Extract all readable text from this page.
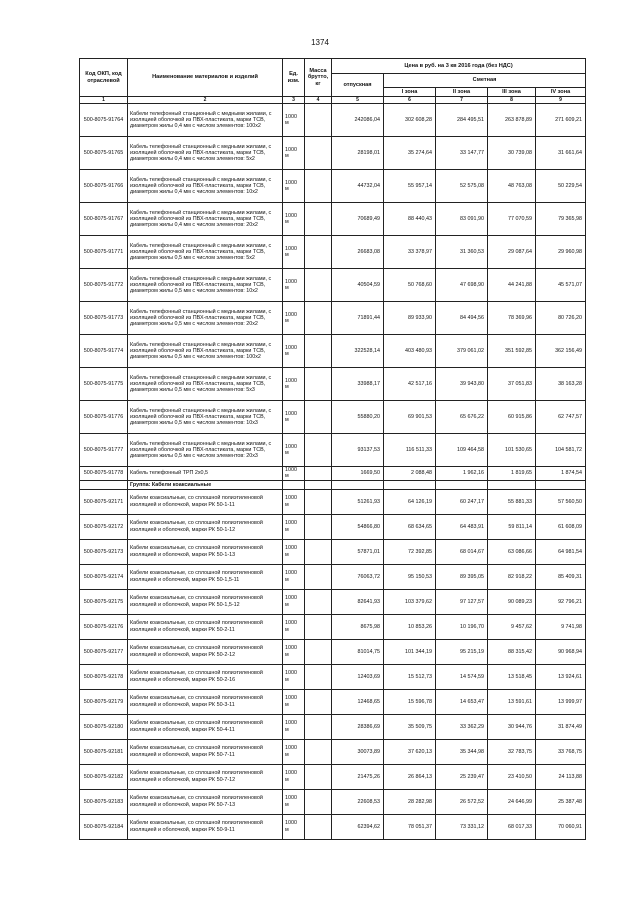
1374
Код ОКП, код отраслевой	Наименование материалов и изделий	Ед. изм.	Масса брутто, кг	Цена в руб. на 3 кв 2016 года (без НДС)				
				отпускная	Сметная			
					I зона	II зона	III зона	IV зона
1	2	3	4	5	6	7	8	9
500-8075-91764	Кабели телефонный станционный с медными жилами, с изоляцией оболочкой из ПВХ-пластиката, марки ТСВ, диаметром жилы 0,4 мм с числом элементов: 100x2	1000 м		242086,04	302 608,28	284 495,51	263 878,89	271 609,21
500-8075-91765	Кабель телефонный станционный с медными жилами, с изоляцией оболочкой из ПВХ-пластиката, марки ТСВ, диаметром жилы 0,4 мм с числом элементов: 5x2	1000 м		28198,01	35 274,64	33 147,77	30 739,08	31 661,64
500-8075-91766	Кабель телефонный станционный с медными жилами, с изоляцией оболочкой из ПВХ-пластиката, марки ТСВ, диаметром жилы 0,4 мм с числом элементов: 10x2	1000 м		44732,04	55 957,14	52 575,08	48 763,08	50 229,54
500-8075-91767	Кабель телефонный станционный с медными жилами, с изоляцией оболочкой из ПВХ-пластиката, марки ТСВ, диаметром жилы 0,4 мм с числом элементов: 20x2	1000 м		70689,49	88 440,43	83 091,90	77 070,59	79 365,98
500-8075-91771	Кабель телефонный станционный с медными жилами, с изоляцией оболочкой из ПВХ-пластиката, марки ТСВ, диаметром жилы 0,5 мм с числом элементов: 5x2	1000 м		26683,08	33 378,97	31 360,53	29 087,64	29 960,98
500-8075-91772	Кабель телефонный станционный с медными жилами, с изоляцией оболочкой из ПВХ-пластиката, марки ТСВ, диаметром жилы 0,5 мм с числом элементов: 10x2	1000 м		40504,59	50 768,60	47 698,90	44 241,88	45 571,07
500-8075-91773	Кабель телефонный станционный с медными жилами, с изоляцией оболочкой из ПВХ-пластиката, марки ТСВ, диаметром жилы 0,5 мм с числом элементов: 20x2	1000 м		71891,44	89 933,90	84 494,56	78 369,96	80 726,20
500-8075-91774	Кабель телефонный станционный с медными жилами, с изоляцией оболочкой из ПВХ-пластиката, марки ТСВ, диаметром жилы 0,5 мм с числом элементов: 100x2	1000 м		322528,14	403 480,93	379 061,02	351 592,85	362 156,49
500-8075-91775	Кабель телефонный станционный с медными жилами, с изоляцией оболочкой из ПВХ-пластиката, марки ТСВ, диаметром жилы 0,5 мм с числом элементов: 5x3	1000 м		33988,17	42 517,16	39 943,80	37 051,83	38 163,28
500-8075-91776	Кабель телефонный станционный с медными жилами, с изоляцией оболочкой из ПВХ-пластиката, марки ТСВ, диаметром жилы 0,5 мм с числом элементов: 10x3	1000 м		55880,20	69 901,53	65 676,22	60 915,86	62 747,57
500-8075-91777	Кабель телефонный станционный с медными жилами, с изоляцией оболочкой из ПВХ-пластиката, марки ТСВ, диаметром жилы 0,5 мм с числом элементов: 20x3	1000 м		93137,53	116 511,33	109 464,58	101 530,65	104 581,72
500-8075-91778	Кабель телефонный ТРП 2x0,5	1000 м		1669,50	2 088,48	1 962,16	1 819,65	1 874,54
	Группа: Кабели коаксиальные							
500-8075-92171	Кабели коаксиальные, со сплошной полиэтиленовой изоляцией и оболочкой, марки РК 50-1-11	1000 м		51261,93	64 126,19	60 247,17	55 881,33	57 560,50
500-8075-92172	Кабели коаксиальные, со сплошной полиэтиленовой изоляцией и оболочкой, марки РК 50-1-12	1000 м		54866,80	68 634,65	64 483,91	59 811,14	61 608,09
500-8075-92173	Кабели коаксиальные, со сплошной полиэтиленовой изоляцией и оболочкой, марки РК 50-1-13	1000 м		57871,01	72 392,85	68 014,67	63 086,66	64 981,54
500-8075-92174	Кабели коаксиальные, со сплошной полиэтиленовой изоляцией и оболочкой, марки РК 50-1,5-11	1000 м		76063,72	95 150,53	89 395,05	82 918,22	85 409,31
500-8075-92175	Кабели коаксиальные, со сплошной полиэтиленовой изоляцией и оболочкой, марки РК 50-1,5-12	1000 м		82641,93	103 379,62	97 127,57	90 089,23	92 796,21
500-8075-92176	Кабели коаксиальные, со сплошной полиэтиленовой изоляцией и оболочкой, марки РК 50-2-11	1000 м		8675,98	10 853,26	10 196,70	9 457,62	9 741,98
500-8075-92177	Кабели коаксиальные, со сплошной полиэтиленовой изоляцией и оболочкой, марки РК 50-2-12	1000 м		81014,75	101 344,19	95 215,19	88 315,42	90 968,94
500-8075-92178	Кабели коаксиальные, со сплошной полиэтиленовой изоляцией и оболочкой, марки РК 50-2-16	1000 м		12403,69	15 512,73	14 574,59	13 518,45	13 924,61
500-8075-92179	Кабели коаксиальные, со сплошной полиэтиленовой изоляцией и оболочкой, марки РК 50-3-11	1000 м		12468,65	15 596,78	14 653,47	13 591,61	13 999,97
500-8075-92180	Кабели коаксиальные, со сплошной полиэтиленовой изоляцией и оболочкой, марки РК 50-4-11	1000 м		28386,69	35 509,75	33 362,29	30 944,76	31 874,49
500-8075-92181	Кабели коаксиальные, со сплошной полиэтиленовой изоляцией и оболочкой, марки РК 50-7-11	1000 м		30073,89	37 620,13	35 344,98	32 783,75	33 768,75
500-8075-92182	Кабели коаксиальные, со сплошной полиэтиленовой изоляцией и оболочкой, марки РК 50-7-12	1000 м		21475,26	26 864,13	25 239,47	23 410,50	24 113,88
500-8075-92183	Кабели коаксиальные, со сплошной полиэтиленовой изоляцией и оболочкой, марки РК 50-7-13	1000 м		22608,53	28 282,98	26 572,52	24 646,99	25 387,48
500-8075-92184	Кабели коаксиальные, со сплошной полиэтиленовой изоляцией и оболочкой, марки РК 50-9-11	1000 м		62394,62	78 051,37	73 331,12	68 017,33	70 060,91
